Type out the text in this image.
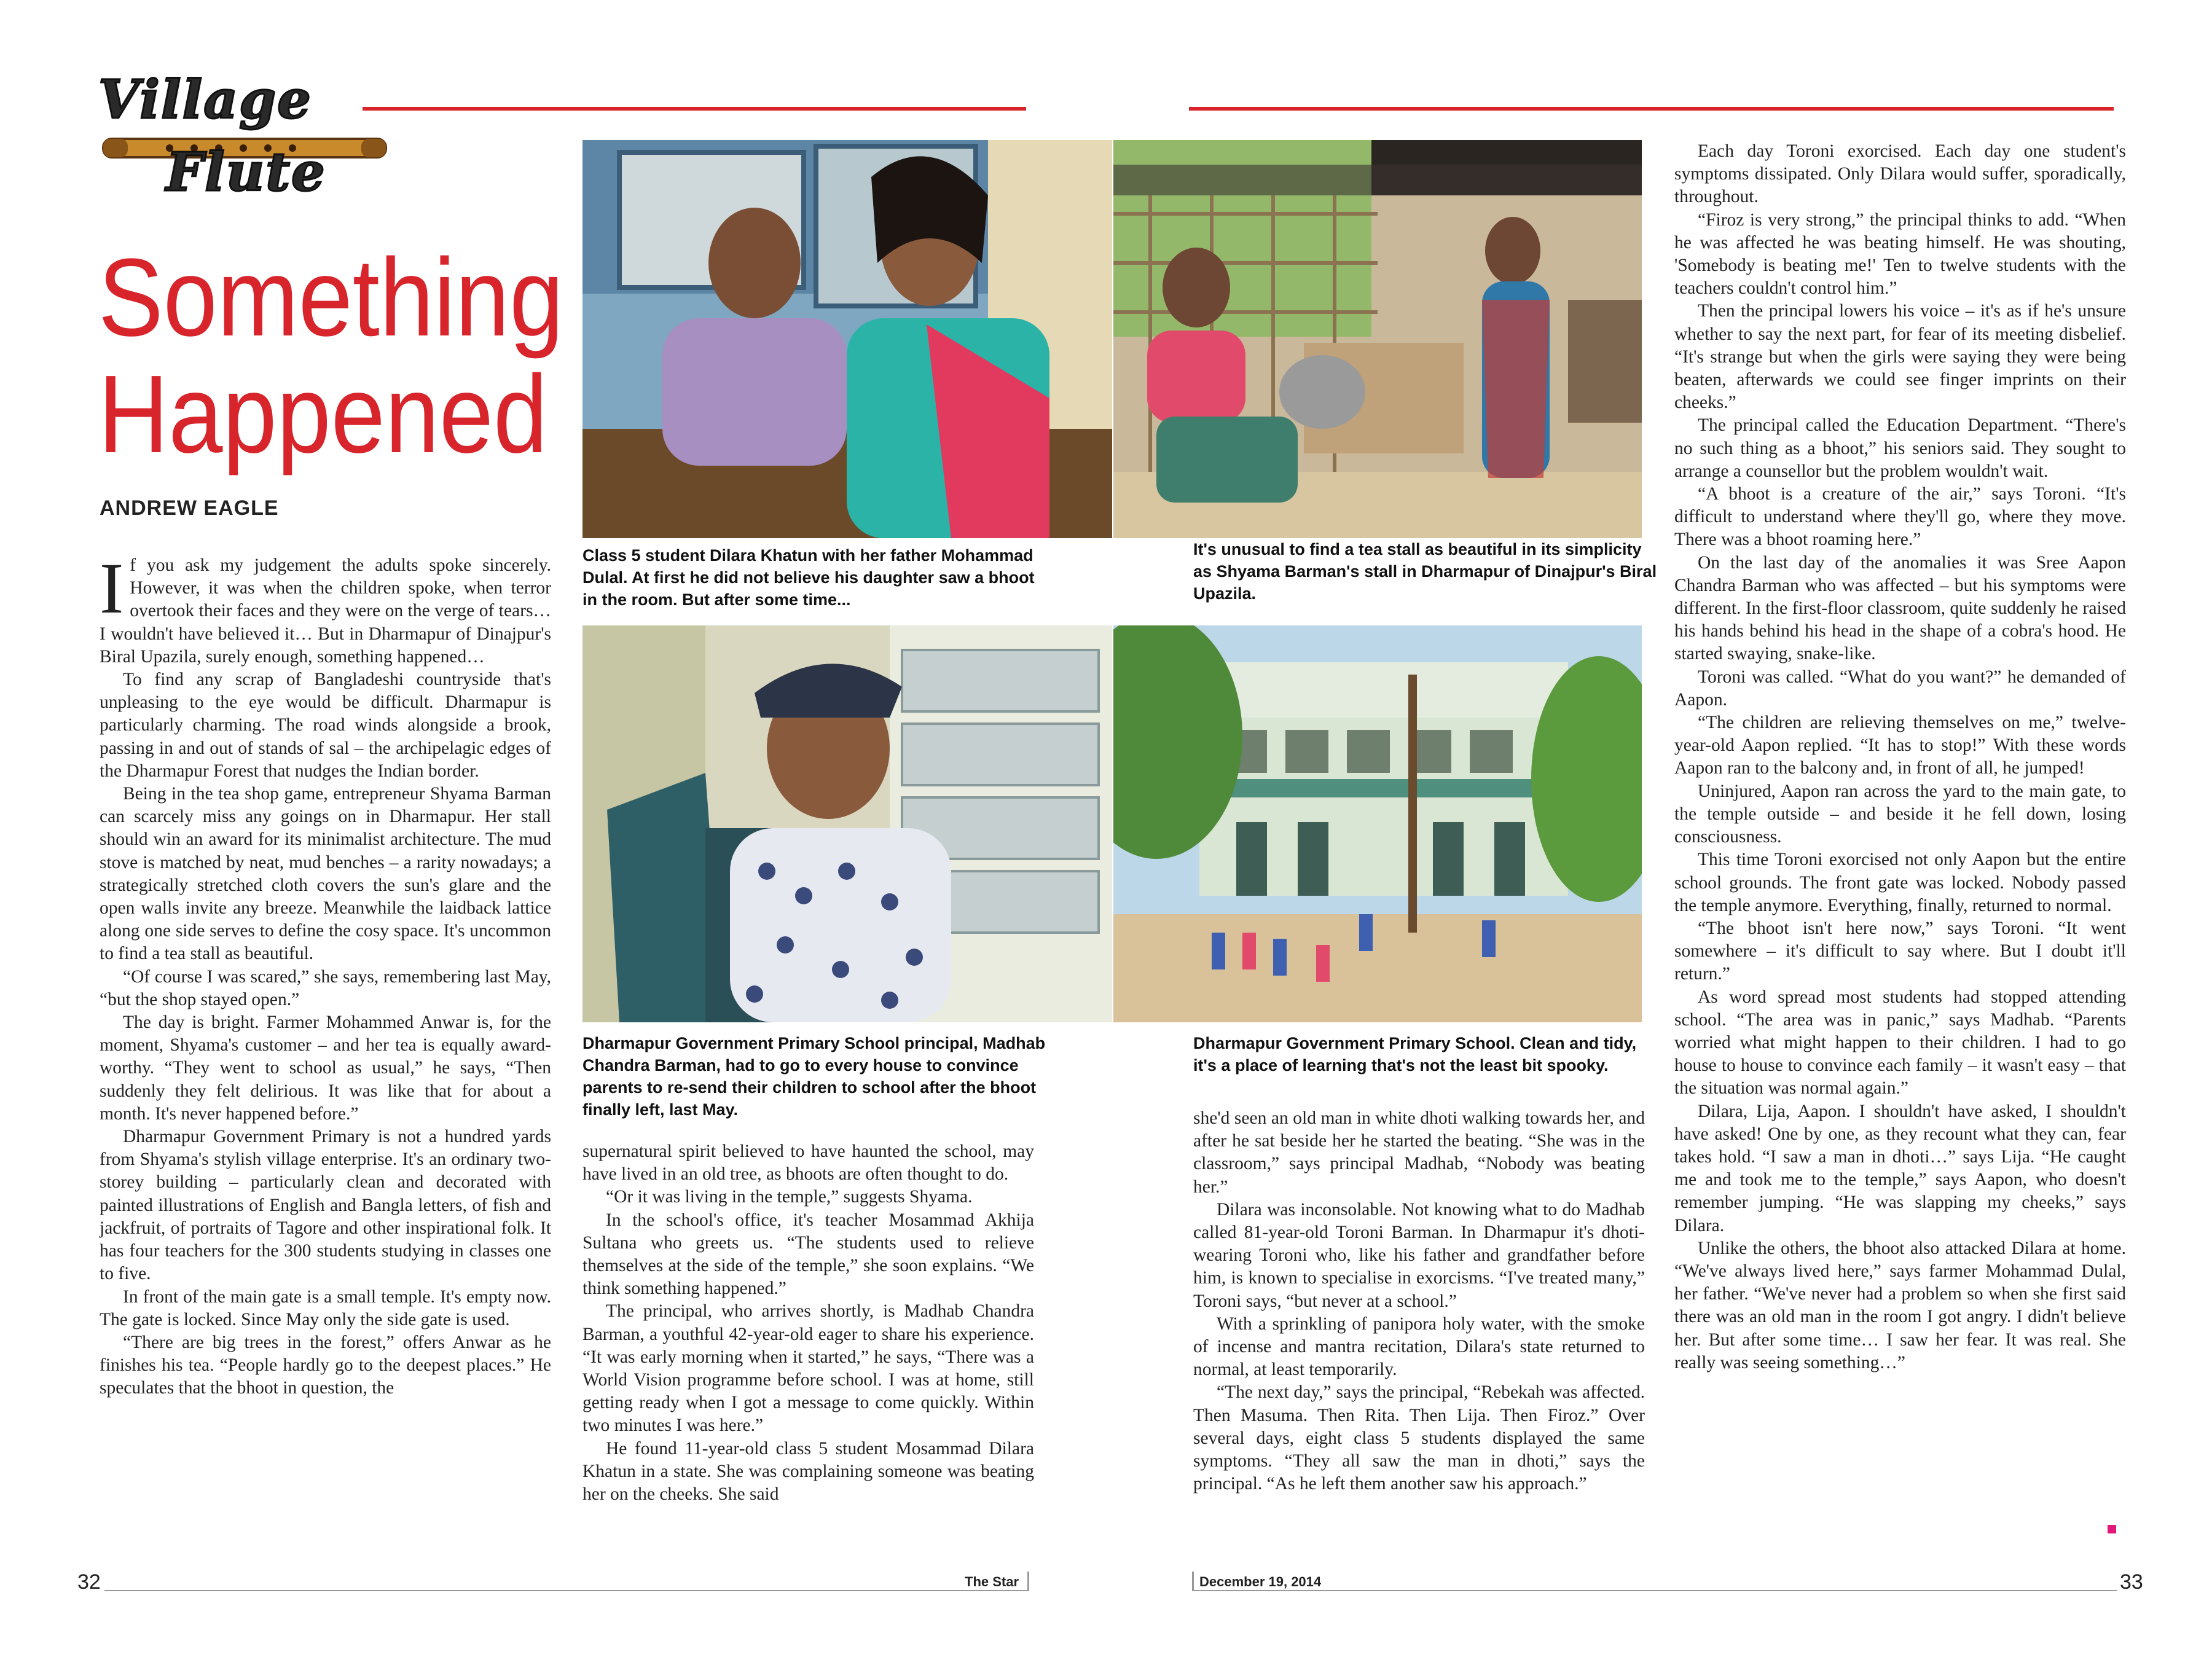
Village
Flute
Something
Happened
ANDREW EAGLE

If you ask my judgement the adults spoke sincerely. However, it was when the children spoke, when terror overtook their faces and they were on the verge of tears… I wouldn't have believed it… But in Dharmapur of Dinajpur's Biral Upazila, surely enough, something happened…

To find any scrap of Bangladeshi countryside that's unpleasing to the eye would be difficult. Dharmapur is particularly charming. The road winds alongside a brook, passing in and out of stands of sal – the archipelagic edges of the Dharmapur Forest that nudges the Indian border.

Being in the tea shop game, entrepreneur Shyama Barman can scarcely miss any goings on in Dharmapur. Her stall should win an award for its minimalist architecture. The mud stove is matched by neat, mud benches – a rarity nowadays; a strategically stretched cloth covers the sun's glare and the open walls invite any breeze. Meanwhile the laidback lattice along one side serves to define the cosy space. It's uncommon to find a tea stall as beautiful.

“Of course I was scared,” she says, remembering last May, “but the shop stayed open.”

The day is bright. Farmer Mohammed Anwar is, for the moment, Shyama's customer – and her tea is equally award-worthy. “They went to school as usual,” he says, “Then suddenly they felt delirious. It was like that for about a month. It's never happened before.”

Dharmapur Government Primary is not a hundred yards from Shyama's stylish village enterprise. It's an ordinary two-storey building – particularly clean and decorated with painted illustrations of English and Bangla letters, of fish and jackfruit, of portraits of Tagore and other inspirational folk. It has four teachers for the 300 students studying in classes one to five.

In front of the main gate is a small temple. It's empty now. The gate is locked. Since May only the side gate is used.

“There are big trees in the forest,” offers Anwar as he finishes his tea. “People hardly go to the deepest places.” He speculates that the bhoot in question, the

Class 5 student Dilara Khatun with her father Mohammad Dulal. At first he did not believe his daughter saw a bhoot in the room. But after some time...
It's unusual to find a tea stall as beautiful in its simplicity as Shyama Barman's stall in Dharmapur of Dinajpur's Biral Upazila.
Dharmapur Government Primary School principal, Madhab Chandra Barman, had to go to every house to convince parents to re-send their children to school after the bhoot finally left, last May.
Dharmapur Government Primary School. Clean and tidy, it's a place of learning that's not the least bit spooky.

supernatural spirit believed to have haunted the school, may have lived in an old tree, as bhoots are often thought to do.

“Or it was living in the temple,” suggests Shyama.

In the school's office, it's teacher Mosammad Akhija Sultana who greets us. “The students used to relieve themselves at the side of the temple,” she soon explains. “We think something happened.”

The principal, who arrives shortly, is Madhab Chandra Barman, a youthful 42-year-old eager to share his experience. “It was early morning when it started,” he says, “There was a World Vision programme before school. I was at home, still getting ready when I got a message to come quickly. Within two minutes I was here.”

He found 11-year-old class 5 student Mosammad Dilara Khatun in a state. She was complaining someone was beating her on the cheeks. She said

she'd seen an old man in white dhoti walking towards her, and after he sat beside her he started the beating. “She was in the classroom,” says principal Madhab, “Nobody was beating her.”

Dilara was inconsolable. Not knowing what to do Madhab called 81-year-old Toroni Barman. In Dharmapur it's dhoti-wearing Toroni who, like his father and grandfather before him, is known to specialise in exorcisms. “I've treated many,” Toroni says, “but never at a school.”

With a sprinkling of panipora holy water, with the smoke of incense and mantra recitation, Dilara's state returned to normal, at least temporarily.

“The next day,” says the principal, “Rebekah was affected. Then Masuma. Then Rita. Then Lija. Then Firoz.” Over several days, eight class 5 students displayed the same symptoms. “They all saw the man in dhoti,” says the principal. “As he left them another saw his approach.”

Each day Toroni exorcised. Each day one student's symptoms dissipated. Only Dilara would suffer, sporadically, throughout.

“Firoz is very strong,” the principal thinks to add. “When he was affected he was beating himself. He was shouting, 'Somebody is beating me!' Ten to twelve students with the teachers couldn't control him.”

Then the principal lowers his voice – it's as if he's unsure whether to say the next part, for fear of its meeting disbelief. “It's strange but when the girls were saying they were being beaten, afterwards we could see finger imprints on their cheeks.”

The principal called the Education Department. “There's no such thing as a bhoot,” his seniors said. They sought to arrange a counsellor but the problem wouldn't wait.

“A bhoot is a creature of the air,” says Toroni. “It's difficult to understand where they'll go, where they move. There was a bhoot roaming here.”

On the last day of the anomalies it was Sree Aapon Chandra Barman who was affected – but his symptoms were different. In the first-floor classroom, quite suddenly he raised his hands behind his head in the shape of a cobra's hood. He started swaying, snake-like.

Toroni was called. “What do you want?” he demanded of Aapon.

“The children are relieving themselves on me,” twelve-year-old Aapon replied. “It has to stop!” With these words Aapon ran to the balcony and, in front of all, he jumped!

Uninjured, Aapon ran across the yard to the main gate, to the temple outside – and beside it he fell down, losing consciousness.

This time Toroni exorcised not only Aapon but the entire school grounds. The front gate was locked. Nobody passed the temple anymore. Everything, finally, returned to normal.

“The bhoot isn't here now,” says Toroni. “It went somewhere – it's difficult to say where. But I doubt it'll return.”

As word spread most students had stopped attending school. “The area was in panic,” says Madhab. “Parents worried what might happen to their children. I had to go house to house to convince each family – it wasn't easy – that the situation was normal again.”

Dilara, Lija, Aapon. I shouldn't have asked, I shouldn't have asked! One by one, as they recount what they can, fear takes hold. “I saw a man in dhoti…” says Lija. “He caught me and took me to the temple,” says Aapon, who doesn't remember jumping. “He was slapping my cheeks,” says Dilara.

Unlike the others, the bhoot also attacked Dilara at home. “We've always lived here,” says farmer Mohammad Dulal, her father. “We've never had a problem so when she first said there was an old man in the room I got angry. I didn't believe her. But after some time… I saw her fear. It was real. She really was seeing something…”

32	The Star	December 19, 2014	33
